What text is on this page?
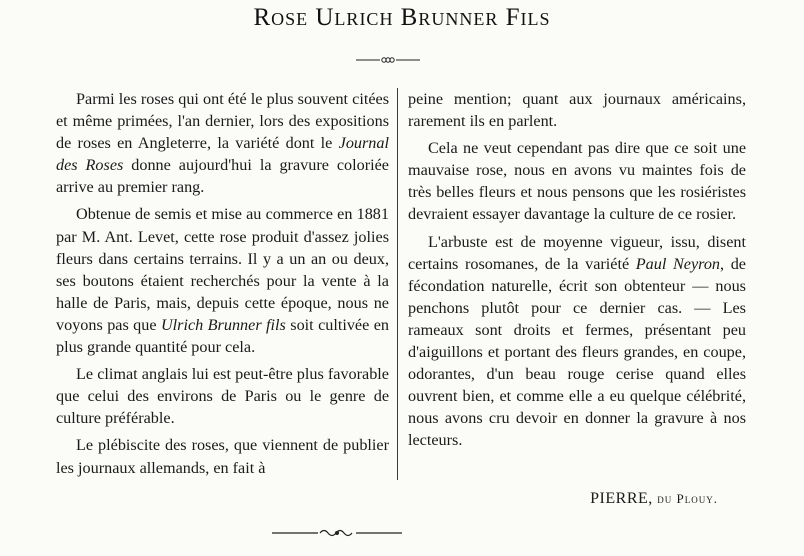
Rose Ulrich Brunner Fils

Parmi les roses qui ont été le plus souvent citées et même primées, l'an dernier, lors des expositions de roses en Angleterre, la variété dont le Journal des Roses donne aujourd'hui la gravure coloriée arrive au premier rang.

Obtenue de semis et mise au commerce en 1881 par M. Ant. Levet, cette rose produit d'assez jolies fleurs dans certains terrains. Il y a un an ou deux, ses boutons étaient recherchés pour la vente à la halle de Paris, mais, depuis cette époque, nous ne voyons pas que Ulrich Brunner fils soit cultivée en plus grande quantité pour cela.

Le climat anglais lui est peut-être plus favorable que celui des environs de Paris ou le genre de culture préférable.

Le plébiscite des roses, que viennent de publier les journaux allemands, en fait à

peine mention; quant aux journaux américains, rarement ils en parlent.

Cela ne veut cependant pas dire que ce soit une mauvaise rose, nous en avons vu maintes fois de très belles fleurs et nous pensons que les rosiéristes devraient essayer davantage la culture de ce rosier.

L'arbuste est de moyenne vigueur, issu, disent certains rosomanes, de la variété Paul Neyron, de fécondation naturelle, écrit son obtenteur — nous penchons plutôt pour ce dernier cas. — Les rameaux sont droits et fermes, présentant peu d'aiguillons et portant des fleurs grandes, en coupe, odorantes, d'un beau rouge cerise quand elles ouvrent bien, et comme elle a eu quelque célébrité, nous avons cru devoir en donner la gravure à nos lecteurs.

PIERRE, du Plouy.
